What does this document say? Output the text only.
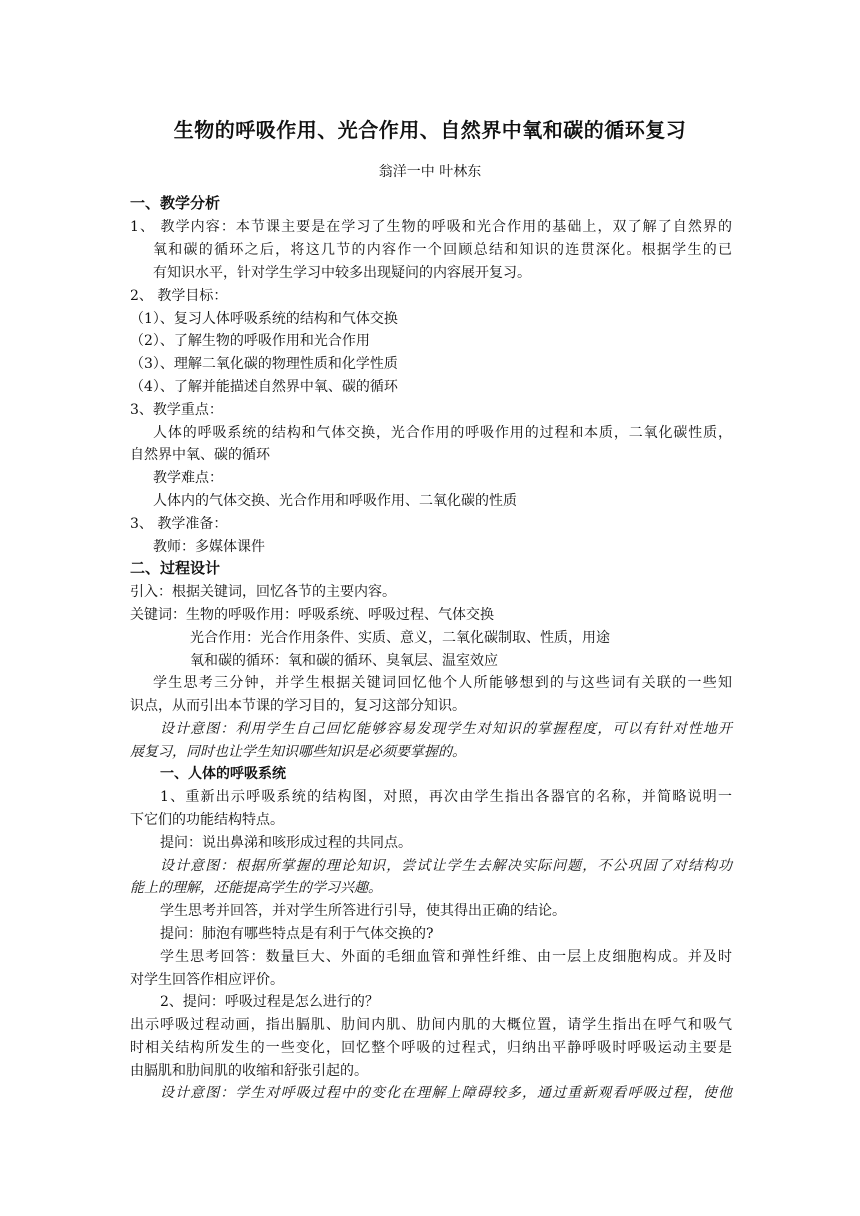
生物的呼吸作用、光合作用、自然界中氧和碳的循环复习
翁洋一中 叶林东
一、教学分析
1、 教学内容：本节课主要是在学习了生物的呼吸和光合作用的基础上，双了解了自然界的
氧和碳的循环之后，将这几节的内容作一个回顾总结和知识的连贯深化。根据学生的已
有知识水平，针对学生学习中较多出现疑问的内容展开复习。
2、 教学目标：
（1）、复习人体呼吸系统的结构和气体交换
（2）、了解生物的呼吸作用和光合作用
（3）、理解二氧化碳的物理性质和化学性质
（4）、了解并能描述自然界中氧、碳的循环
3、教学重点：
人体的呼吸系统的结构和气体交换，光合作用的呼吸作用的过程和本质，二氧化碳性质，
自然界中氧、碳的循环
教学难点：
人体内的气体交换、光合作用和呼吸作用、二氧化碳的性质
3、 教学准备：
教师：多媒体课件
二、过程设计
引入：根据关键词，回忆各节的主要内容。
关键词：生物的呼吸作用：呼吸系统、呼吸过程、气体交换
光合作用：光合作用条件、实质、意义，二氧化碳制取、性质，用途
氧和碳的循环：氧和碳的循环、臭氧层、温室效应
学生思考三分钟，并学生根据关键词回忆他个人所能够想到的与这些词有关联的一些知
识点，从而引出本节课的学习目的，复习这部分知识。
设计意图：利用学生自己回忆能够容易发现学生对知识的掌握程度，可以有针对性地开
展复习，同时也让学生知识哪些知识是必须要掌握的。
一、人体的呼吸系统
1、重新出示呼吸系统的结构图，对照，再次由学生指出各器官的名称，并简略说明一
下它们的功能结构特点。
提问：说出鼻涕和咳形成过程的共同点。
设计意图：根据所掌握的理论知识，尝试让学生去解决实际问题，不公巩固了对结构功
能上的理解，还能提高学生的学习兴趣。
学生思考并回答，并对学生所答进行引导，使其得出正确的结论。
提问：肺泡有哪些特点是有利于气体交换的?
学生思考回答：数量巨大、外面的毛细血管和弹性纤维、由一层上皮细胞构成。并及时
对学生回答作相应评价。
2、提问：呼吸过程是怎么进行的？
出示呼吸过程动画，指出膈肌、肋间内肌、肋间内肌的大概位置，请学生指出在呼气和吸气
时相关结构所发生的一些变化，回忆整个呼吸的过程式，归纳出平静呼吸时呼吸运动主要是
由膈肌和肋间肌的收缩和舒张引起的。
设计意图：学生对呼吸过程中的变化在理解上障碍较多，通过重新观看呼吸过程，使他
